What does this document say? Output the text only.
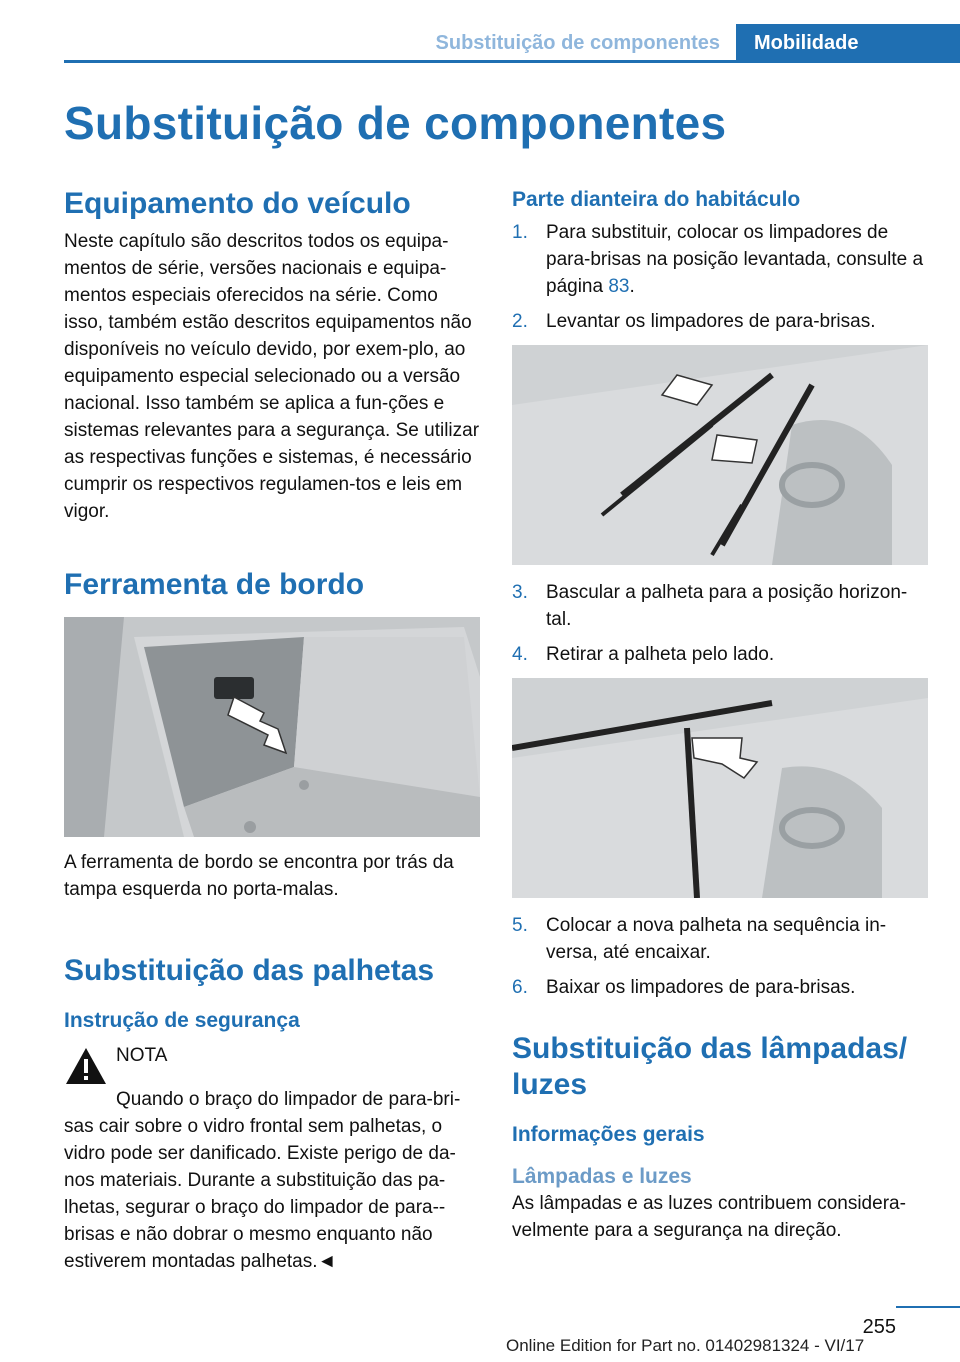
Substituição de componentes	Mobilidade
Substituição de componentes
Equipamento do veículo

Neste capítulo são descritos todos os equipa-mentos de série, versões nacionais e equipa-mentos especiais oferecidos na série. Como isso, também estão descritos equipamentos não disponíveis no veículo devido, por exem-plo, ao equipamento especial selecionado ou a versão nacional. Isso também se aplica a fun-ções e sistemas relevantes para a segurança. Se utilizar as respectivas funções e sistemas, é necessário cumprir os respectivos regulamen-tos e leis em vigor.

Ferramenta de bordo

A ferramenta de bordo se encontra por trás da tampa esquerda no porta-malas.

Substituição das palhetas
Instrução de segurança

NOTA

Quando o braço do limpador de para-bri-sas cair sobre o vidro frontal sem palhetas, o vidro pode ser danificado. Existe perigo de da-nos materiais. Durante a substituição das pa-lhetas, segurar o braço do limpador de para--brisas e não dobrar o mesmo enquanto não estiverem montadas palhetas.◄

Parte dianteira do habitáculo
1. Para substituir, colocar os limpadores de para-brisas na posição levantada, consulte a página 83.
2. Levantar os limpadores de para-brisas.
3. Bascular a palheta para a posição horizon-tal.
4. Retirar a palheta pelo lado.
5. Colocar a nova palheta na sequência in-versa, até encaixar.
6. Baixar os limpadores de para-brisas.
Substituição das lâmpadas/ luzes
Informações gerais
Lâmpadas e luzes

As lâmpadas e as luzes contribuem considera-velmente para a segurança na direção.

255
Online Edition for Part no. 01402981324 - VI/17
